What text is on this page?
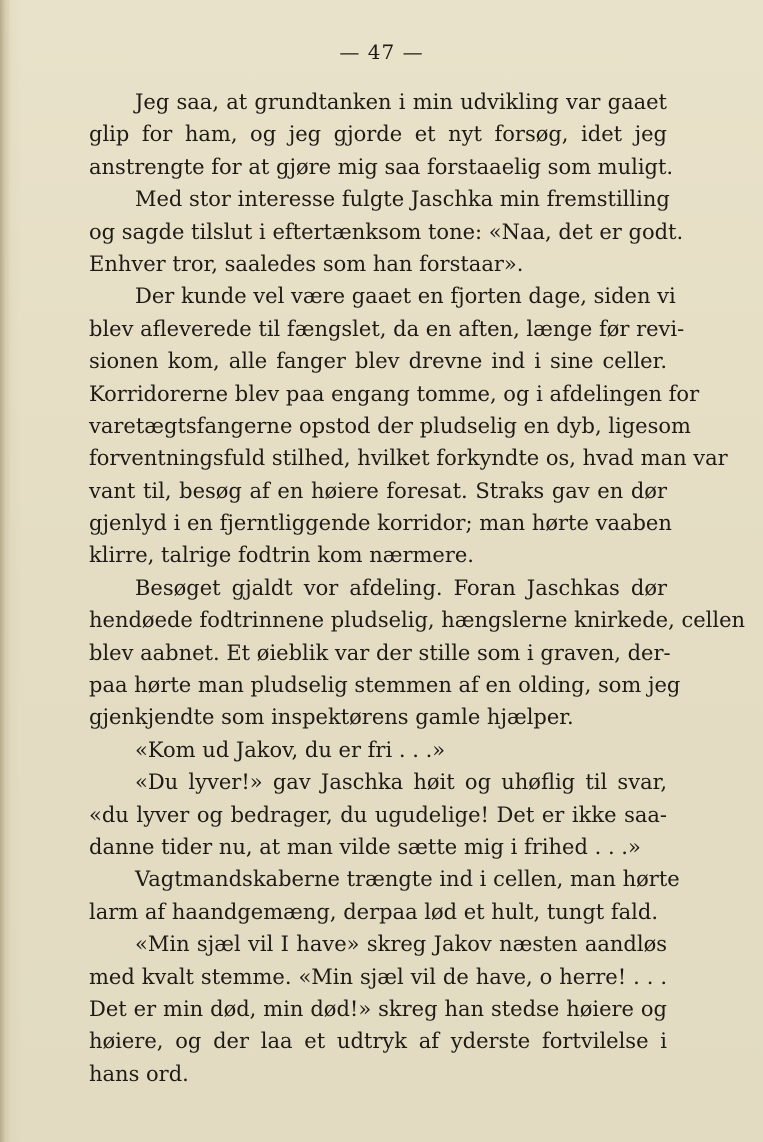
— 47 —
Jeg saa, at grundtanken i min udvikling var gaaet
glip for ham, og jeg gjorde et nyt forsøg, idet jeg
anstrengte for at gjøre mig saa forstaaelig som muligt.
Med stor interesse fulgte Jaschka min fremstilling
og sagde tilslut i eftertænksom tone: «Naa, det er godt.
Enhver tror, saaledes som han forstaar».
Der kunde vel være gaaet en fjorten dage, siden vi
blev afleverede til fængslet, da en aften, længe før revi-
sionen kom, alle fanger blev drevne ind i sine celler.
Korridorerne blev paa engang tomme, og i afdelingen for
varetægtsfangerne opstod der pludselig en dyb, ligesom
forventningsfuld stilhed, hvilket forkyndte os, hvad man var
vant til, besøg af en høiere foresat. Straks gav en dør
gjenlyd i en fjerntliggende korridor; man hørte vaaben
klirre, talrige fodtrin kom nærmere.
Besøget gjaldt vor afdeling. Foran Jaschkas dør
hendøede fodtrinnene pludselig, hængslerne knirkede, cellen
blev aabnet. Et øieblik var der stille som i graven, der-
paa hørte man pludselig stemmen af en olding, som jeg
gjenkjendte som inspektørens gamle hjælper.
«Kom ud Jakov, du er fri . . .»
«Du lyver!» gav Jaschka høit og uhøflig til svar,
«du lyver og bedrager, du ugudelige! Det er ikke saa-
danne tider nu, at man vilde sætte mig i frihed . . .»
Vagtmandskaberne trængte ind i cellen, man hørte
larm af haandgemæng, derpaa lød et hult, tungt fald.
«Min sjæl vil I have» skreg Jakov næsten aandløs
med kvalt stemme. «Min sjæl vil de have, o herre! . . .
Det er min død, min død!» skreg han stedse høiere og
høiere, og der laa et udtryk af yderste fortvilelse i
hans ord.
